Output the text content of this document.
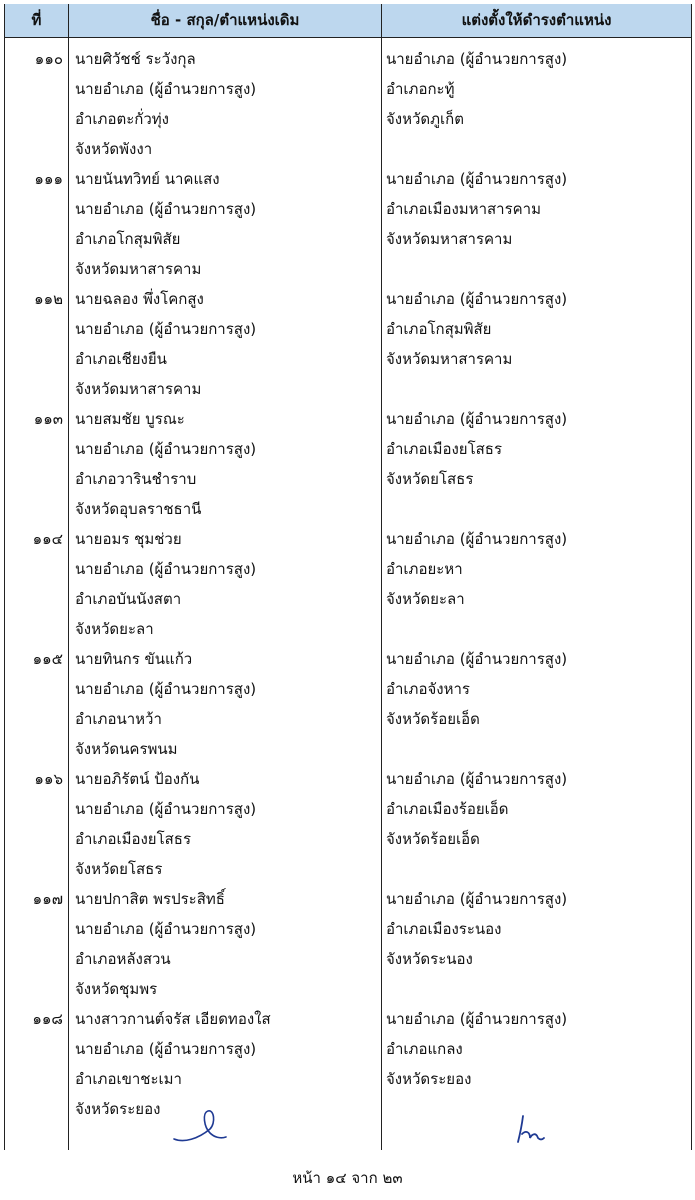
ที่	ชื่อ - สกุล/ตำแหน่งเดิม	แต่งตั้งให้ดำรงตำแหน่ง
๑๑๐ นายศิวัชช์ ระวังกุล
นายอำเภอ (ผู้อำนวยการสูง)
อำเภอตะกั่วทุ่ง
จังหวัดพังงา
นายอำเภอ (ผู้อำนวยการสูง)
อำเภอกะทู้
จังหวัดภูเก็ต
๑๑๑ นายนันทวิทย์ นาคแสง
นายอำเภอ (ผู้อำนวยการสูง)
อำเภอโกสุมพิสัย
จังหวัดมหาสารคาม
นายอำเภอ (ผู้อำนวยการสูง)
อำเภอเมืองมหาสารคาม
จังหวัดมหาสารคาม
๑๑๒ นายฉลอง พึ่งโคกสูง
นายอำเภอ (ผู้อำนวยการสูง)
อำเภอเชียงยืน
จังหวัดมหาสารคาม
นายอำเภอ (ผู้อำนวยการสูง)
อำเภอโกสุมพิสัย
จังหวัดมหาสารคาม
๑๑๓ นายสมชัย บูรณะ
นายอำเภอ (ผู้อำนวยการสูง)
อำเภอวารินชำราบ
จังหวัดอุบลราชธานี
นายอำเภอ (ผู้อำนวยการสูง)
อำเภอเมืองยโสธร
จังหวัดยโสธร
๑๑๔ นายอมร ชุมช่วย
นายอำเภอ (ผู้อำนวยการสูง)
อำเภอบันนังสตา
จังหวัดยะลา
นายอำเภอ (ผู้อำนวยการสูง)
อำเภอยะหา
จังหวัดยะลา
๑๑๕ นายทินกร ขันแก้ว
นายอำเภอ (ผู้อำนวยการสูง)
อำเภอนาหว้า
จังหวัดนครพนม
นายอำเภอ (ผู้อำนวยการสูง)
อำเภอจังหาร
จังหวัดร้อยเอ็ด
๑๑๖ นายอภิรัตน์ ป้องกัน
นายอำเภอ (ผู้อำนวยการสูง)
อำเภอเมืองยโสธร
จังหวัดยโสธร
นายอำเภอ (ผู้อำนวยการสูง)
อำเภอเมืองร้อยเอ็ด
จังหวัดร้อยเอ็ด
๑๑๗ นายปกาสิต พรประสิทธิ์
นายอำเภอ (ผู้อำนวยการสูง)
อำเภอหลังสวน
จังหวัดชุมพร
นายอำเภอ (ผู้อำนวยการสูง)
อำเภอเมืองระนอง
จังหวัดระนอง
๑๑๘ นางสาวกานต์จรัส เอียดทองใส
นายอำเภอ (ผู้อำนวยการสูง)
อำเภอเขาชะเมา
จังหวัดระยอง
นายอำเภอ (ผู้อำนวยการสูง)
อำเภอแกลง
จังหวัดระยอง
หน้า ๑๔ จาก ๒๓
